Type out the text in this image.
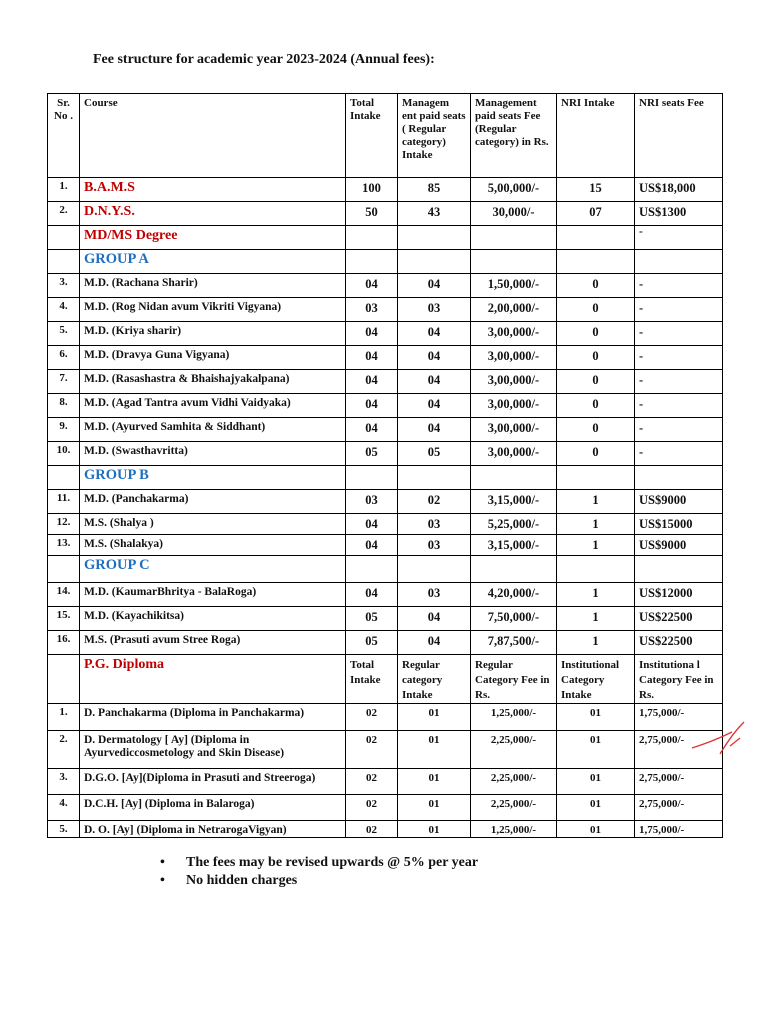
Fee structure for academic year 2023-2024 (Annual fees):
Sr. No .	Course	Total Intake	Managem ent paid seats ( Regular category) Intake	Management paid seats Fee (Regular category) in Rs.	NRI Intake	NRI seats Fee
1.	B.A.M.S	100	85	5,00,000/-	15	US$18,000
2.	D.N.Y.S.	50	43	30,000/-	07	US$1300
	MD/MS Degree					-
	GROUP A					
3.	M.D. (Rachana Sharir)	04	04	1,50,000/-	0	-
4.	M.D. (Rog Nidan avum Vikriti Vigyana)	03	03	2,00,000/-	0	-
5.	M.D. (Kriya sharir)	04	04	3,00,000/-	0	-
6.	M.D. (Dravya Guna Vigyana)	04	04	3,00,000/-	0	-
7.	M.D. (Rasashastra & Bhaishajyakalpana)	04	04	3,00,000/-	0	-
8.	M.D. (Agad Tantra avum Vidhi Vaidyaka)	04	04	3,00,000/-	0	-
9.	M.D. (Ayurved Samhita & Siddhant)	04	04	3,00,000/-	0	-
10.	M.D. (Swasthavritta)	05	05	3,00,000/-	0	-
	GROUP B					
11.	M.D. (Panchakarma)	03	02	3,15,000/-	1	US$9000
12.	M.S. (Shalya )	04	03	5,25,000/-	1	US$15000
13.	M.S. (Shalakya)	04	03	3,15,000/-	1	US$9000
	GROUP C					
14.	M.D. (KaumarBhritya - BalaRoga)	04	03	4,20,000/-	1	US$12000
15.	M.D. (Kayachikitsa)	05	04	7,50,000/-	1	US$22500
16.	M.S. (Prasuti avum Stree Roga)	05	04	7,87,500/-	1	US$22500
	P.G. Diploma	Total Intake	Regular category Intake	Regular Category Fee in Rs.	Institutional Category Intake	Institutiona l Category Fee in Rs.
1.	D. Panchakarma (Diploma in Panchakarma)	02	01	1,25,000/-	01	1,75,000/-
2.	D. Dermatology [ Ay] (Diploma in Ayurvediccosmetology and Skin Disease)	02	01	2,25,000/-	01	2,75,000/-
3.	D.G.O. [Ay](Diploma in Prasuti and Streeroga)	02	01	2,25,000/-	01	2,75,000/-
4.	D.C.H. [Ay] (Diploma in Balaroga)	02	01	2,25,000/-	01	2,75,000/-
5.	D. O. [Ay] (Diploma in NetrarogaVigyan)	02	01	1,25,000/-	01	1,75,000/-
• The fees may be revised upwards @ 5% per year
• No hidden charges
